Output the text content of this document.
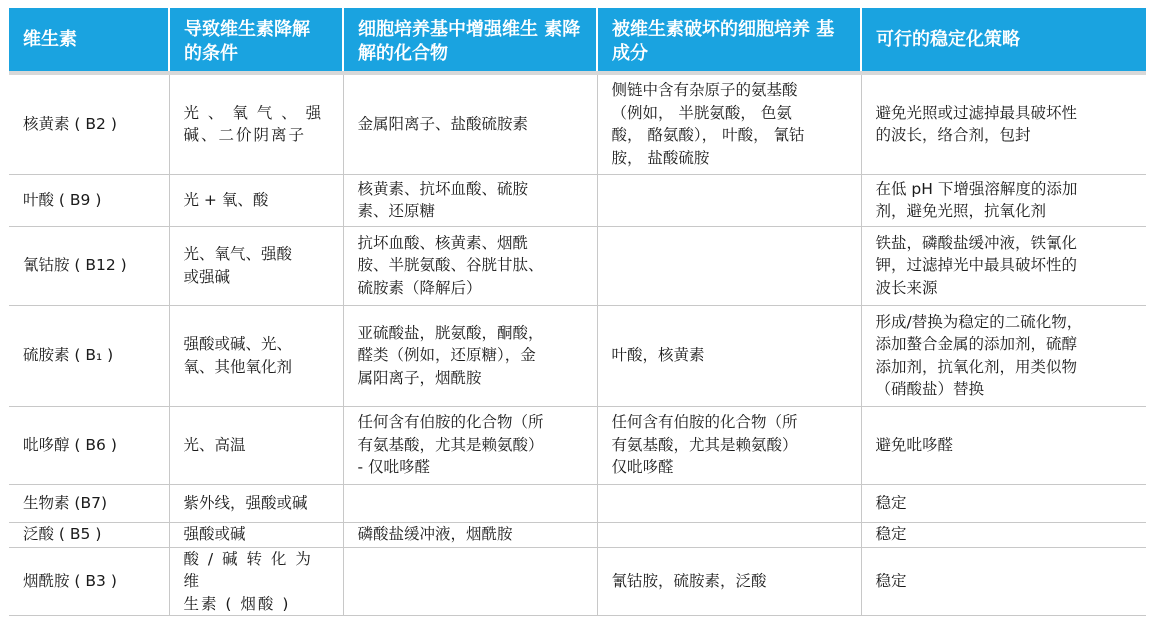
维生素	导致维生素降解 的条件	细胞培养基中增强维生 素降解的化合物	被维生素破坏的细胞培养 基成分	可行的稳定化策略
核黄素 ( B2 )	光 、 氧 气 、 强
碱、二价阴离子	金属阳离子、盐酸硫胺素	侧链中含有杂原子的氨基酸
（例如， 半胱氨酸， 色氨
酸， 酪氨酸）， 叶酸， 氰钴
胺， 盐酸硫胺	避免光照或过滤掉最具破坏性
的波长，络合剂，包封
叶酸 ( B9 )	光 + 氧、酸	核黄素、抗坏血酸、硫胺
素、还原糖		在低 pH 下增强溶解度的添加
剂，避免光照，抗氧化剂
氰钴胺 ( B12 )	光、氧气、强酸
或强碱	抗坏血酸、核黄素、烟酰
胺、半胱氨酸、谷胱甘肽、
硫胺素（降解后）		铁盐，磷酸盐缓冲液，铁氰化
钾，过滤掉光中最具破坏性的
波长来源
硫胺素 ( B₁ )	强酸或碱、光、
氧、其他氧化剂	亚硫酸盐，胱氨酸，酮酸，
醛类（例如，还原糖），金
属阳离子，烟酰胺	叶酸，核黄素	形成/替换为稳定的二硫化物，
添加螯合金属的添加剂，硫醇
添加剂，抗氧化剂，用类似物
（硝酸盐）替换
吡哆醇 ( B6 )	光、高温	任何含有伯胺的化合物（所
有氨基酸，尤其是赖氨酸）
- 仅吡哆醛	任何含有伯胺的化合物（所
有氨基酸，尤其是赖氨酸）
仅吡哆醛	避免吡哆醛
生物素 (B7)	紫外线，强酸或碱			稳定
泛酸 ( B5 )	强酸或碱	磷酸盐缓冲液，烟酰胺		稳定
烟酰胺 ( B3 )	酸 / 碱 转 化 为 维
生素 ( 烟酸 )		氰钴胺，硫胺素，泛酸	稳定
